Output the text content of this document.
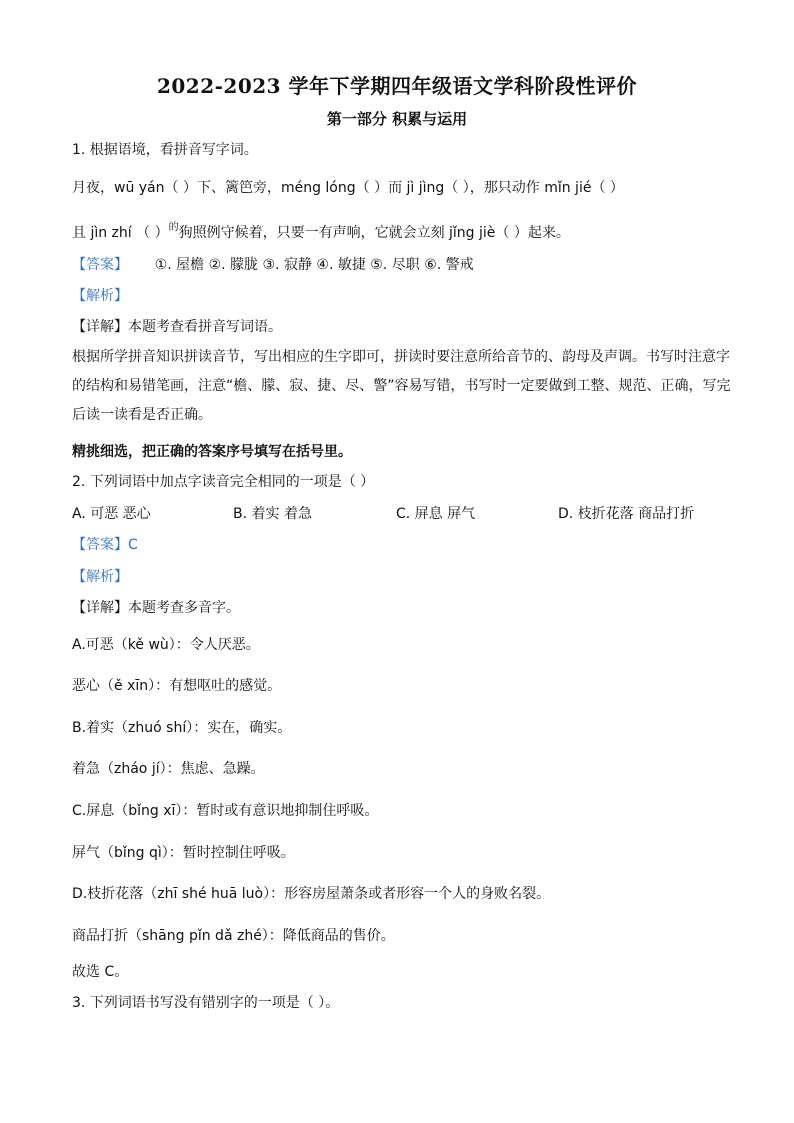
2022-2023 学年下学期四年级语文学科阶段性评价
第一部分 积累与运用
1. 根据语境，看拼音写字词。
月夜，wū yán（ ）下、篱笆旁，méng lóng（ ）而 jì jìng（ ），那只动作 mǐn jié（ ）
且 jìn zhí （ ）$^的$狗照例守候着，只要一有声响，它就会立刻 jǐng jiè（ ）起来。
【答案】 ①. 屋檐 ②. 朦胧 ③. 寂静 ④. 敏捷 ⑤. 尽职 ⑥. 警戒
【解析】
【详解】本题考查看拼音写词语。
根据所学拼音知识拼读音节，写出相应的生字即可，拼读时要注意所给音节的、韵母及声调。书写时注意字的结构和易错笔画，注意“檐、朦、寂、捷、尽、警”容易写错，书写时一定要做到工整、规范、正确，写完后读一读看是否正确。
精挑细选，把正确的答案序号填写在括号里。
2. 下列词语中加点字读音完全相同的一项是（ ）
A. 可恶 恶心	B. 着实 着急	C. 屏息 屏气	D. 枝折花落 商品打折
【答案】C
【解析】
【详解】本题考查多音字。
A.可恶（kě wù）：令人厌恶。
恶心（ě xīn）：有想呕吐的感觉。
B.着实（zhuó shí）：实在，确实。
着急（zháo jí）：焦虑、急躁。
C.屏息（bǐng xī）：暂时或有意识地抑制住呼吸。
屏气（bǐng qì）：暂时控制住呼吸。
D.枝折花落（zhī shé huā luò）：形容房屋萧条或者形容一个人的身败名裂。
商品打折（shāng pǐn dǎ zhé）：降低商品的售价。
故选 C。
3. 下列词语书写没有错别字的一项是（ ）。
